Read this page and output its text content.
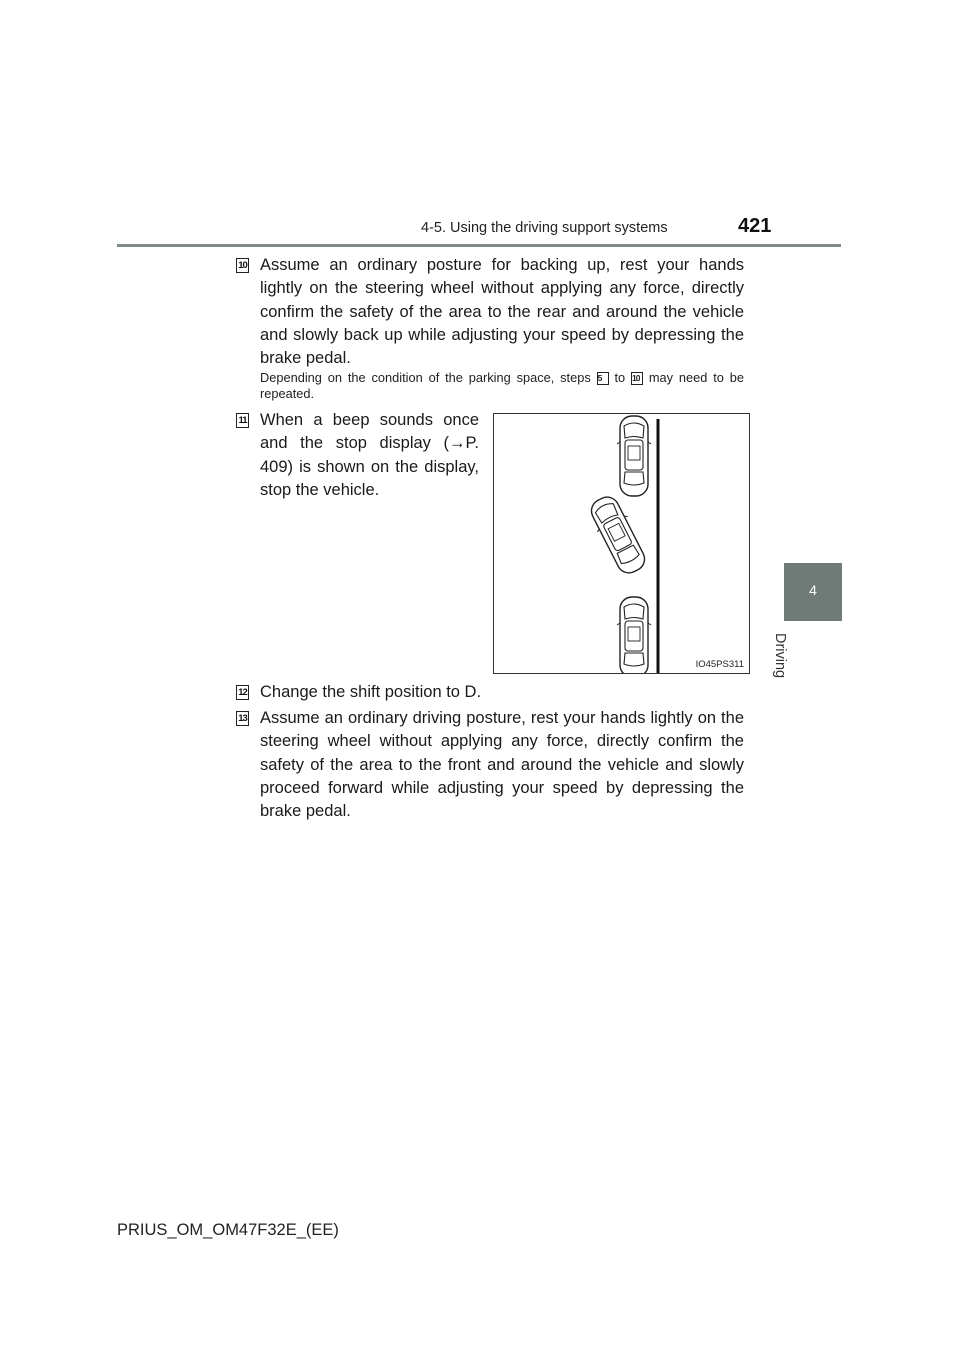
4-5. Using the driving support systems	421
4
Driving
10 Assume an ordinary posture for backing up, rest your hands lightly on the steering wheel without applying any force, directly confirm the safety of the area to the rear and around the vehicle and slowly back up while adjusting your speed by depressing the brake pedal.
Depending on the condition of the parking space, steps 5 to 10 may need to be repeated.
11 When a beep sounds once and the stop display (→P. 409) is shown on the display, stop the vehicle.
IO45PS311
12 Change the shift position to D.
13 Assume an ordinary driving posture, rest your hands lightly on the steering wheel without applying any force, directly confirm the safety of the area to the front and around the vehicle and slowly proceed forward while adjusting your speed by depressing the brake pedal.
PRIUS_OM_OM47F32E_(EE)
